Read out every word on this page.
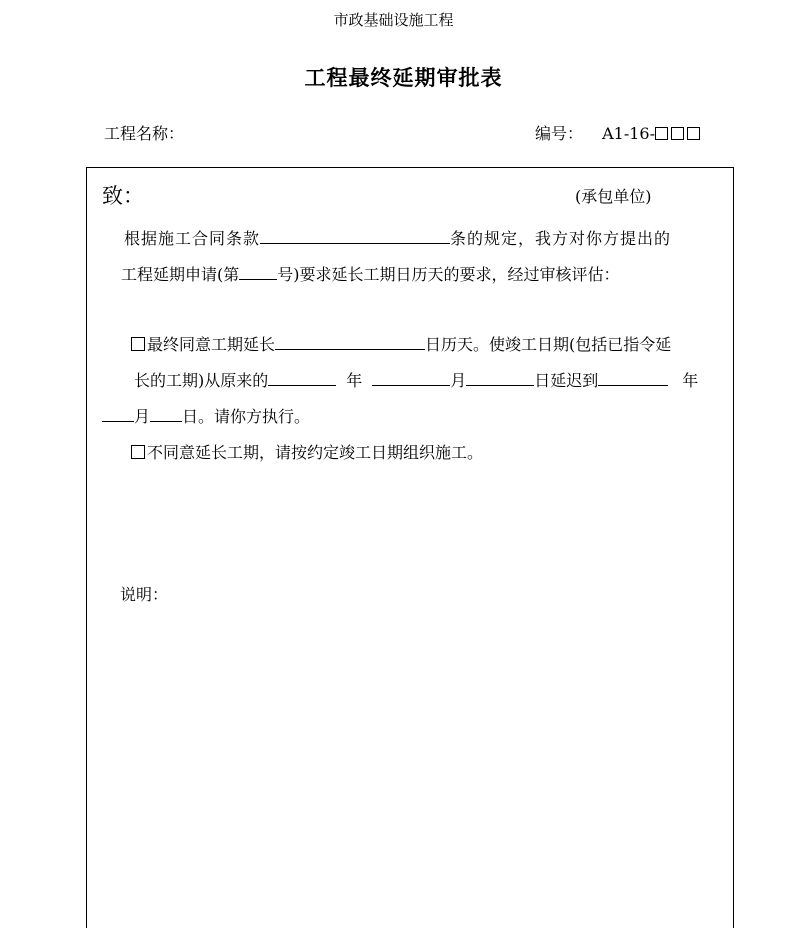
市政基础设施工程
工程最终延期审批表
工程名称：	编号： A1-16-
致：	(承包单位)
根据施工合同条款	条的规定，我方对你方提出的
工程延期申请(第 号)要求延长工期日历天的要求，经过审核评估：
最终同意工期延长	日历天。使竣工日期(包括已指令延
长的工期)从原来的	年	月	日延迟到	年
月 日。请你方执行。
不同意延长工期，请按约定竣工日期组织施工。
说明：
